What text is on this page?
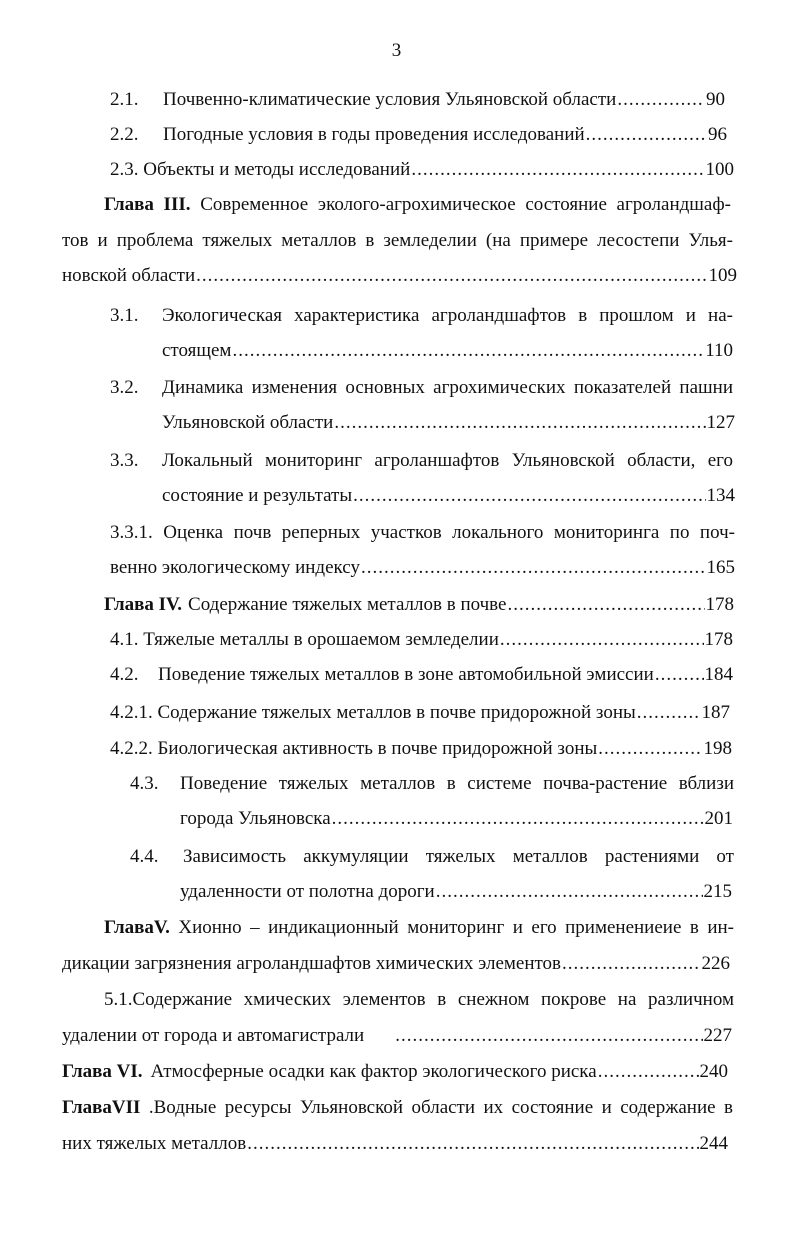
3
2.1.	Почвенно-климатические условия Ульяновской области .....	90
2.2.	Погодные условия в годы проведения исследований .....	96
2.3. Объекты и методы исследований .....	100
Глава III. Современное эколого-агрохимическое состояние агроландшаф-
тов и проблема тяжелых металлов в земледелии (на примере лесостепи Улья-
новской области .....	109
3.1. Экологическая характеристика агроландшафтов в прошлом и на-
стоящем .....	110
3.2. Динамика изменения основных агрохимических показателей пашни
Ульяновской области .....	127
3.3. Локальный мониторинг агроланшафтов Ульяновской области, его
состояние и результаты .....	134
3.3.1. Оценка почв реперных участков локального мониторинга по поч-
венно экологическому индексу .....	165
Глава IV. Содержание тяжелых металлов в почве .....	178
4.1. Тяжелые металлы в орошаемом земледелии .....	178
4.2.	Поведение тяжелых металлов в зоне автомобильной эмиссии .....	184
4.2.1. Содержание тяжелых металлов в почве придорожной зоны .....	187
4.2.2. Биологическая активность в почве придорожной зоны .....	198
4.3. Поведение тяжелых металлов в системе почва-растение вблизи
города Ульяновска .....	201
4.4. Зависимость аккумуляции тяжелых металлов растениями от
удаленности от полотна дороги .....	215
ГлаваV. Хионно – индикационный мониторинг и его применениеие в ин-
дикации загрязнения агроландшафтов химических элементов .....	226
5.1.Содержание хмических элементов в снежном покрове на различном
удалении от города и автомагистрали .....	227
Глава VI. Атмосферные осадки как фактор экологического риска .....	240
ГлаваVII .Водные ресурсы Ульяновской области их состояние и содержание в
них тяжелых металлов .....	244
